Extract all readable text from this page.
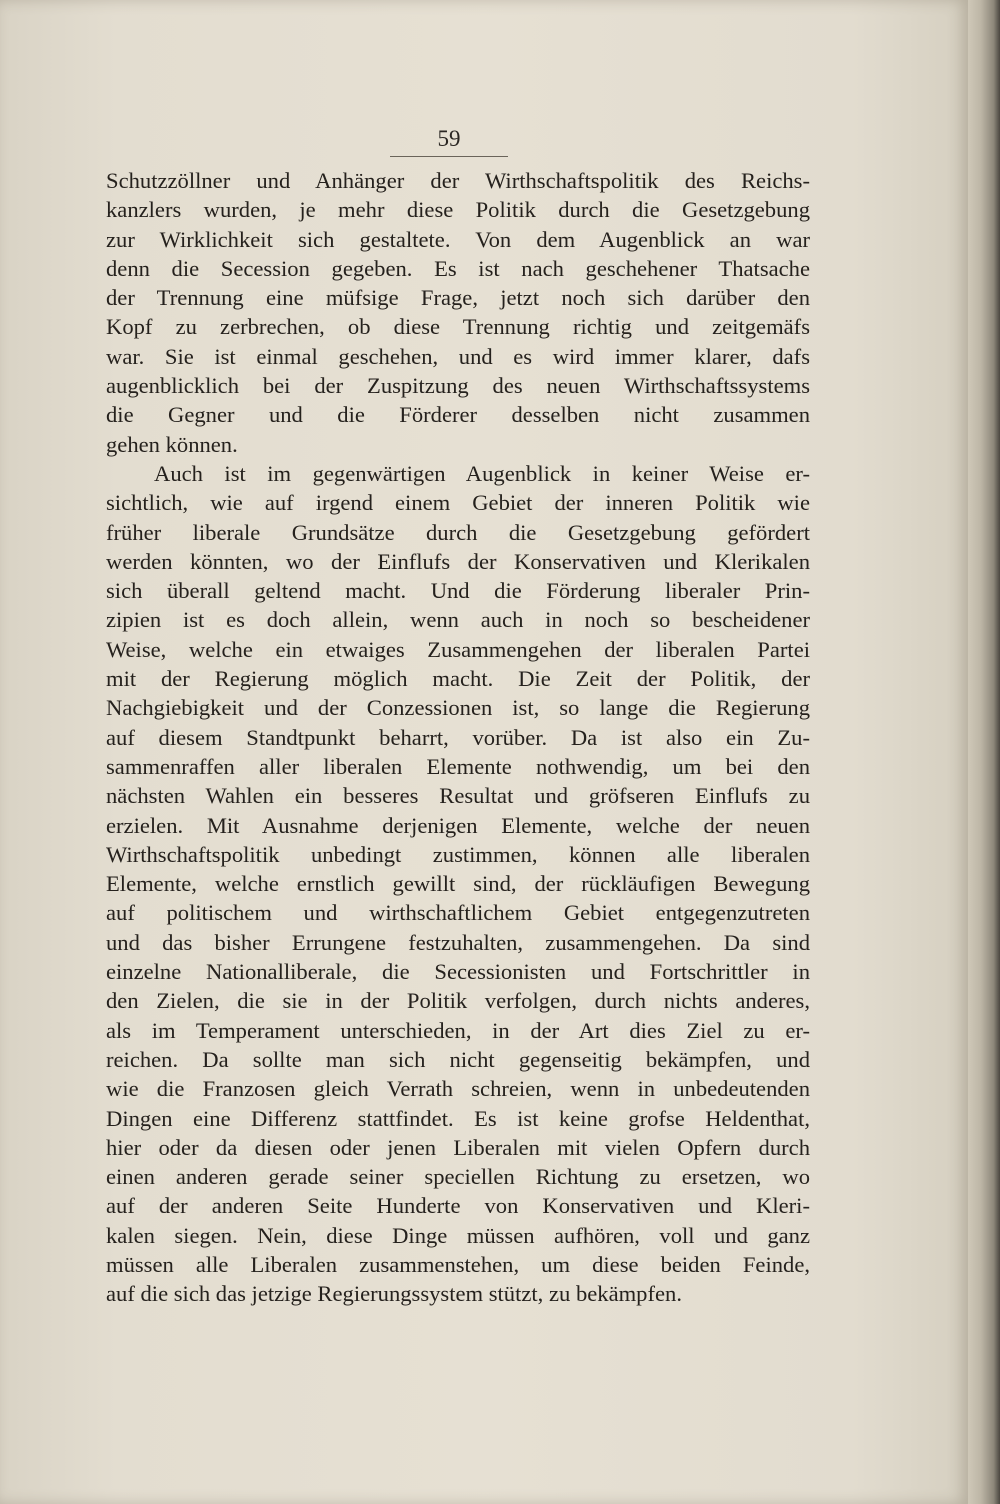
59
Schutzzöllner und Anhänger der Wirthschaftspolitik des Reichs-
kanzlers wurden, je mehr diese Politik durch die Gesetzgebung
zur Wirklichkeit sich gestaltete. Von dem Augenblick an war
denn die Secession gegeben. Es ist nach geschehener Thatsache
der Trennung eine müfsige Frage, jetzt noch sich darüber den
Kopf zu zerbrechen, ob diese Trennung richtig und zeitgemäfs
war. Sie ist einmal geschehen, und es wird immer klarer, dafs
augenblicklich bei der Zuspitzung des neuen Wirthschaftssystems
die Gegner und die Förderer desselben nicht zusammen
gehen können.
Auch ist im gegenwärtigen Augenblick in keiner Weise er-
sichtlich, wie auf irgend einem Gebiet der inneren Politik wie
früher liberale Grundsätze durch die Gesetzgebung gefördert
werden könnten, wo der Einflufs der Konservativen und Klerikalen
sich überall geltend macht. Und die Förderung liberaler Prin-
zipien ist es doch allein, wenn auch in noch so bescheidener
Weise, welche ein etwaiges Zusammengehen der liberalen Partei
mit der Regierung möglich macht. Die Zeit der Politik, der
Nachgiebigkeit und der Conzessionen ist, so lange die Regierung
auf diesem Standtpunkt beharrt, vorüber. Da ist also ein Zu-
sammenraffen aller liberalen Elemente nothwendig, um bei den
nächsten Wahlen ein besseres Resultat und gröfseren Einflufs zu
erzielen. Mit Ausnahme derjenigen Elemente, welche der neuen
Wirthschaftspolitik unbedingt zustimmen, können alle liberalen
Elemente, welche ernstlich gewillt sind, der rückläufigen Bewegung
auf politischem und wirthschaftlichem Gebiet entgegenzutreten
und das bisher Errungene festzuhalten, zusammengehen. Da sind
einzelne Nationalliberale, die Secessionisten und Fortschrittler in
den Zielen, die sie in der Politik verfolgen, durch nichts anderes,
als im Temperament unterschieden, in der Art dies Ziel zu er-
reichen. Da sollte man sich nicht gegenseitig bekämpfen, und
wie die Franzosen gleich Verrath schreien, wenn in unbedeutenden
Dingen eine Differenz stattfindet. Es ist keine grofse Heldenthat,
hier oder da diesen oder jenen Liberalen mit vielen Opfern durch
einen anderen gerade seiner speciellen Richtung zu ersetzen, wo
auf der anderen Seite Hunderte von Konservativen und Kleri-
kalen siegen. Nein, diese Dinge müssen aufhören, voll und ganz
müssen alle Liberalen zusammenstehen, um diese beiden Feinde,
auf die sich das jetzige Regierungssystem stützt, zu bekämpfen.
